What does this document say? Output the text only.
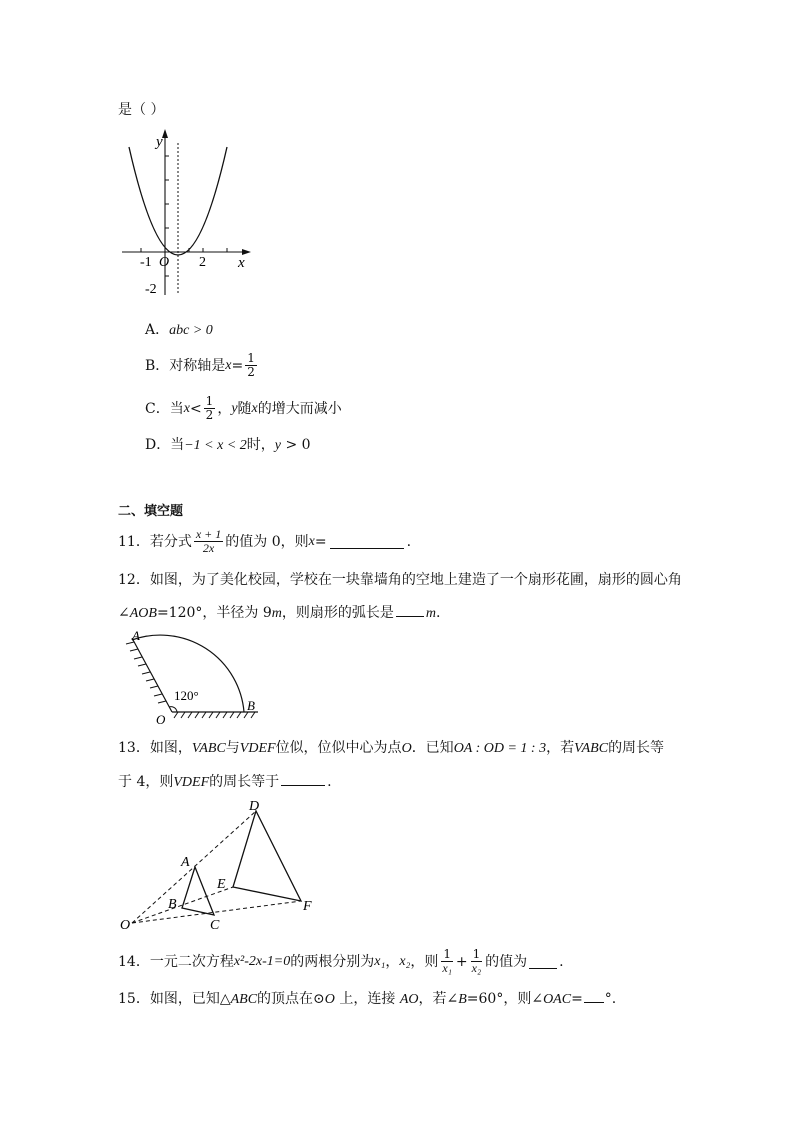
是（ ）
y
x
-1 O 2
-2
A．abc > 0
B． 对称轴是 $x = \frac{1}{2}$
C． 当 $x < \frac{1}{2}$ ， y 随 x 的增大而减小
D．当−1 < x < 2时，y > 0
二、填空题
11． 若分式 $\frac{x + 1}{2x}$ 的值为 0，则 x =	.
12．如图，为了美化校园，学校在一块靠墙角的空地上建造了一个扇形花圃，扇形的圆心角
∠AOB=120°，半径为 9m，则扇形的弧长是 m.
A
B
O
120°
13．如图，VABC与VDEF位似，位似中心为点O．已知OA : OD = 1 : 3，若VABC的周长等
于 4，则VDEF的周长等于	.
O
A
B
C
D
E
F
14． 一元二次方程 x²-2x-1=0 的两根分别为 x₁ ， x₂ ，则 $\frac{1}{\text{x₁}} + \frac{1}{\text{x₂}}$ 的值为 .
15．如图，已知△ABC的顶点在⊙O 上，连接 AO，若∠B=60°，则∠OAC= °.
